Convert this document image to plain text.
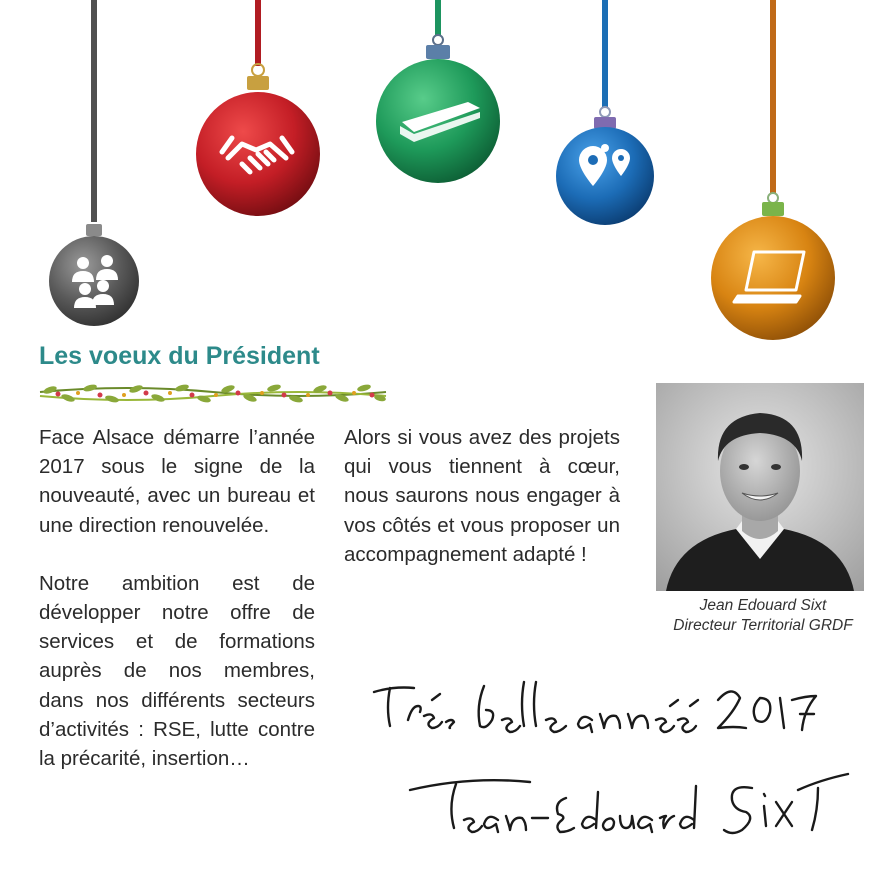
Les voeux du Président

Face Alsace démarre l’année 2017 sous le signe de la nouveauté, avec un bureau et une direction renouvelée.

Notre ambition est de développer notre offre de services et de formations auprès de nos membres, dans nos différents secteurs d’activités : RSE, lutte contre la précarité, insertion…

Alors si vous avez des projets qui vous tiennent à cœur, nous saurons nous engager à vos côtés et vous proposer un accompagnement adapté !

Jean Edouard Sixt
Directeur Territorial GRDF
